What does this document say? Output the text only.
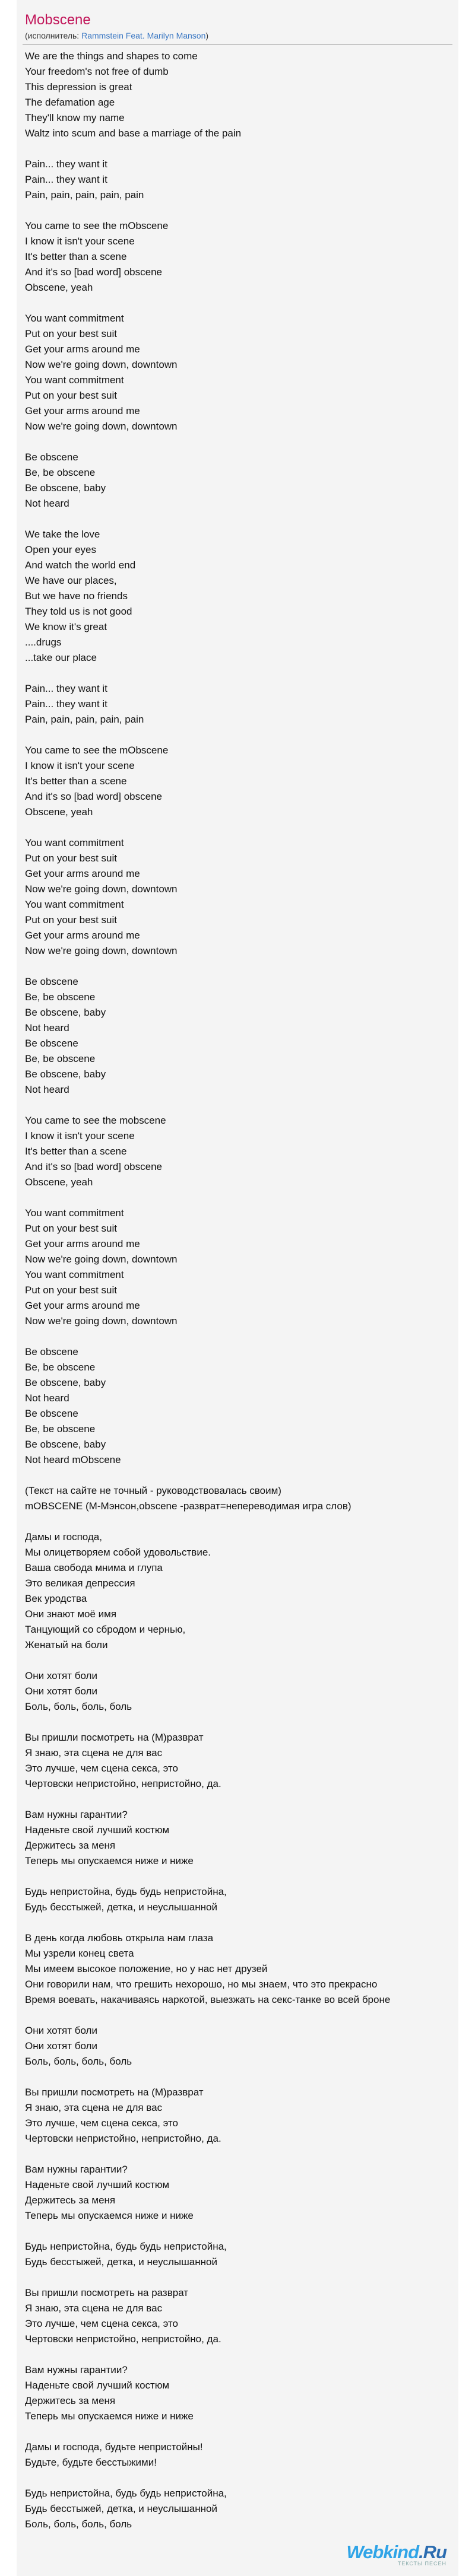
Mobscene
(исполнитель: Rammstein Feat. Marilyn Manson)
We are the things and shapes to come
Your freedom's not free of dumb
This depression is great
The defamation age
They'll know my name
Waltz into scum and base a marriage of the pain
Pain... they want it
Pain... they want it
Pain, pain, pain, pain, pain
You came to see the mObscene
I know it isn't your scene
It's better than a scene
And it's so [bad word] obscene
Obscene, yeah
You want commitment
Put on your best suit
Get your arms around me
Now we're going down, downtown
You want commitment
Put on your best suit
Get your arms around me
Now we're going down, downtown
Be obscene
Be, be obscene
Be obscene, baby
Not heard
We take the love
Open your eyes
And watch the world end
We have our places,
But we have no friends
They told us is not good
We know it's great
....drugs
...take our place
Pain... they want it
Pain... they want it
Pain, pain, pain, pain, pain
You came to see the mObscene
I know it isn't your scene
It's better than a scene
And it's so [bad word] obscene
Obscene, yeah
You want commitment
Put on your best suit
Get your arms around me
Now we're going down, downtown
You want commitment
Put on your best suit
Get your arms around me
Now we're going down, downtown
Be obscene
Be, be obscene
Be obscene, baby
Not heard
Be obscene
Be, be obscene
Be obscene, baby
Not heard
You came to see the mobscene
I know it isn't your scene
It's better than a scene
And it's so [bad word] obscene
Obscene, yeah
You want commitment
Put on your best suit
Get your arms around me
Now we're going down, downtown
You want commitment
Put on your best suit
Get your arms around me
Now we're going down, downtown
Be obscene
Be, be obscene
Be obscene, baby
Not heard
Be obscene
Be, be obscene
Be obscene, baby
Not heard mObscene
(Текст на сайте не точный - руководствовалась своим)
mOBSCENE (М-Мэнсон,obscene -разврат=непереводимая игра слов)
Дамы и господа,
Мы олицетворяем собой удовольствие.
Ваша свобода мнима и глупа
Это великая депрессия
Век уродства
Они знают моё имя
Танцующий со сбродом и чернью,
Женатый на боли
Они хотят боли
Они хотят боли
Боль, боль, боль, боль
Вы пришли посмотреть на (М)разврат
Я знаю, эта сцена не для вас
Это лучше, чем сцена секса, это
Чертовски непристойно, непристойно, да.
Вам нужны гарантии?
Наденьте свой лучший костюм
Держитесь за меня
Теперь мы опускаемся ниже и ниже
Будь непристойна, будь будь непристойна,
Будь бесстыжей, детка, и неуслышанной
В день когда любовь открыла нам глаза
Мы узрели конец света
Мы имеем высокое положение, но у нас нет друзей
Они говорили нам, что грешить нехорошо, но мы знаем, что это прекрасно
Время воевать, накачиваясь наркотой, выезжать на секс-танке во всей броне
Они хотят боли
Они хотят боли
Боль, боль, боль, боль
Вы пришли посмотреть на (М)разврат
Я знаю, эта сцена не для вас
Это лучше, чем сцена секса, это
Чертовски непристойно, непристойно, да.
Вам нужны гарантии?
Наденьте свой лучший костюм
Держитесь за меня
Теперь мы опускаемся ниже и ниже
Будь непристойна, будь будь непристойна,
Будь бесстыжей, детка, и неуслышанной
Вы пришли посмотреть на разврат
Я знаю, эта сцена не для вас
Это лучше, чем сцена секса, это
Чертовски непристойно, непристойно, да.
Вам нужны гарантии?
Наденьте свой лучший костюм
Держитесь за меня
Теперь мы опускаемся ниже и ниже
Дамы и господа, будьте непристойны!
Будьте, будьте бесстыжими!
Будь непристойна, будь будь непристойна,
Будь бесстыжей, детка, и неуслышанной
Боль, боль, боль, боль
Webkind.Ru
ТЕКСТЫ ПЕСЕН
